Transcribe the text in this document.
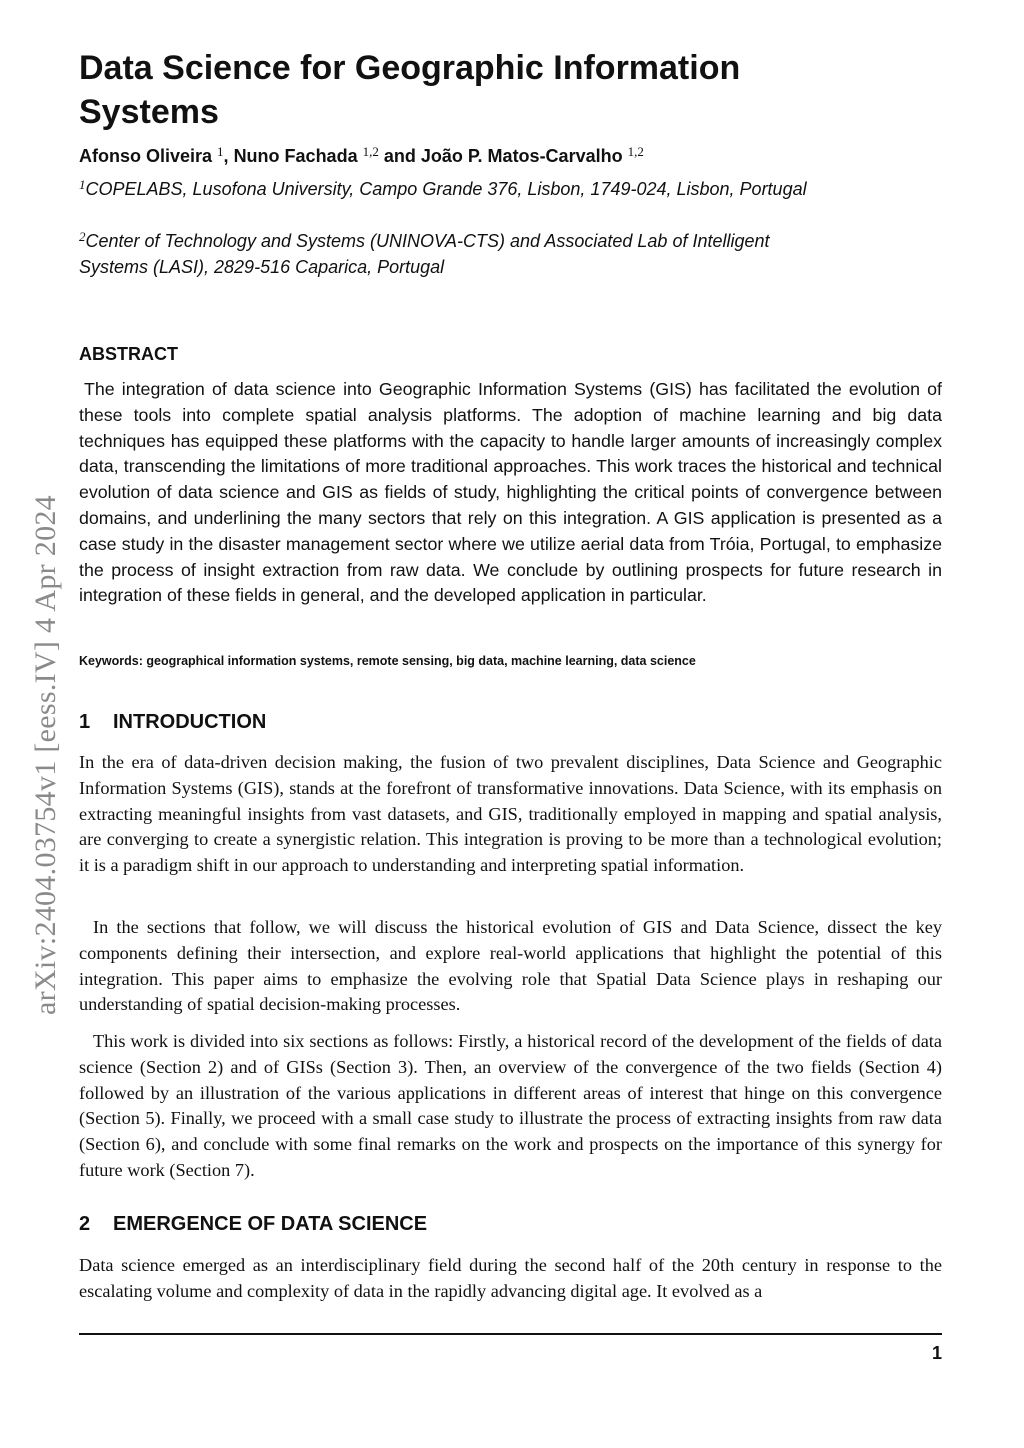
arXiv:2404.03754v1 [eess.IV] 4 Apr 2024
Data Science for Geographic Information Systems

Afonso Oliveira $^1$, Nuno Fachada $^{1,2}$ and João P. Matos-Carvalho $^{1,2}$

$^1$COPELABS, Lusofona University, Campo Grande 376, Lisbon, 1749-024, Lisbon, Portugal

$^2$Center of Technology and Systems (UNINOVA-CTS) and Associated Lab of Intelligent Systems (LASI), 2829-516 Caparica, Portugal

ABSTRACT

The integration of data science into Geographic Information Systems (GIS) has facilitated the evolution of these tools into complete spatial analysis platforms. The adoption of machine learning and big data techniques has equipped these platforms with the capacity to handle larger amounts of increasingly complex data, transcending the limitations of more traditional approaches. This work traces the historical and technical evolution of data science and GIS as fields of study, highlighting the critical points of convergence between domains, and underlining the many sectors that rely on this integration. A GIS application is presented as a case study in the disaster management sector where we utilize aerial data from Tróia, Portugal, to emphasize the process of insight extraction from raw data. We conclude by outlining prospects for future research in integration of these fields in general, and the developed application in particular.

Keywords: geographical information systems, remote sensing, big data, machine learning, data science

1 INTRODUCTION

In the era of data-driven decision making, the fusion of two prevalent disciplines, Data Science and Geographic Information Systems (GIS), stands at the forefront of transformative innovations. Data Science, with its emphasis on extracting meaningful insights from vast datasets, and GIS, traditionally employed in mapping and spatial analysis, are converging to create a synergistic relation. This integration is proving to be more than a technological evolution; it is a paradigm shift in our approach to understanding and interpreting spatial information.

In the sections that follow, we will discuss the historical evolution of GIS and Data Science, dissect the key components defining their intersection, and explore real-world applications that highlight the potential of this integration. This paper aims to emphasize the evolving role that Spatial Data Science plays in reshaping our understanding of spatial decision-making processes.

This work is divided into six sections as follows: Firstly, a historical record of the development of the fields of data science (Section 2) and of GISs (Section 3). Then, an overview of the convergence of the two fields (Section 4) followed by an illustration of the various applications in different areas of interest that hinge on this convergence (Section 5). Finally, we proceed with a small case study to illustrate the process of extracting insights from raw data (Section 6), and conclude with some final remarks on the work and prospects on the importance of this synergy for future work (Section 7).

2 EMERGENCE OF DATA SCIENCE

Data science emerged as an interdisciplinary field during the second half of the 20th century in response to the escalating volume and complexity of data in the rapidly advancing digital age. It evolved as a

1
